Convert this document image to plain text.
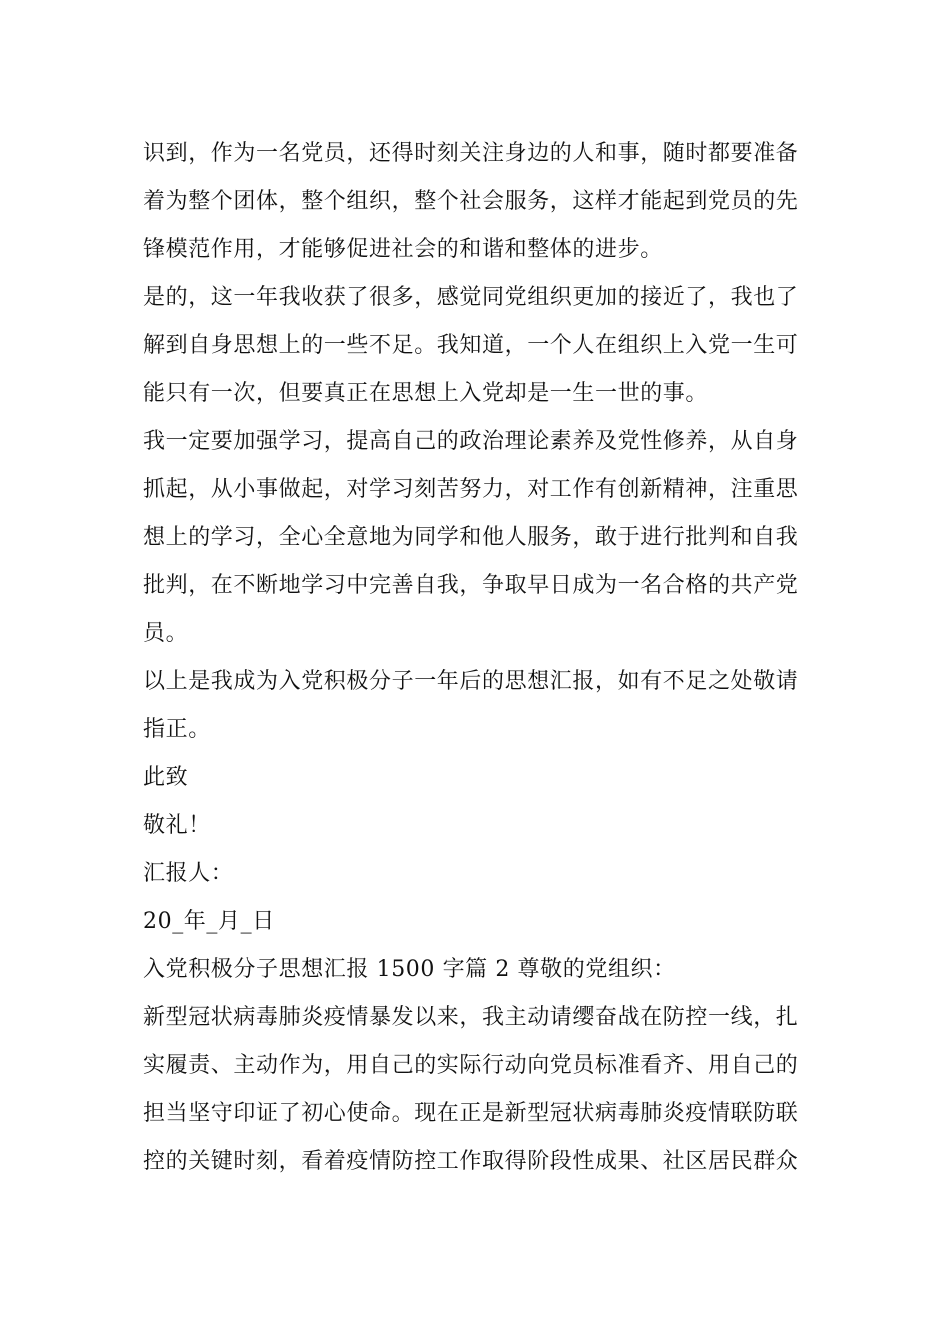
识到，作为一名党员，还得时刻关注身边的人和事，随时都要准备
着为整个团体，整个组织，整个社会服务，这样才能起到党员的先
锋模范作用，才能够促进社会的和谐和整体的进步。
是的，这一年我收获了很多，感觉同党组织更加的接近了，我也了
解到自身思想上的一些不足。我知道，一个人在组织上入党一生可
能只有一次，但要真正在思想上入党却是一生一世的事。
我一定要加强学习，提高自己的政治理论素养及党性修养，从自身
抓起，从小事做起，对学习刻苦努力，对工作有创新精神，注重思
想上的学习，全心全意地为同学和他人服务，敢于进行批判和自我
批判，在不断地学习中完善自我，争取早日成为一名合格的共产党
员。
以上是我成为入党积极分子一年后的思想汇报，如有不足之处敬请
指正。
此致
敬礼！
汇报人：
20_年_月_日
入党积极分子思想汇报 1500 字篇 2 尊敬的党组织：
新型冠状病毒肺炎疫情暴发以来，我主动请缨奋战在防控一线，扎
实履责、主动作为，用自己的实际行动向党员标准看齐、用自己的
担当坚守印证了初心使命。现在正是新型冠状病毒肺炎疫情联防联
控的关键时刻，看着疫情防控工作取得阶段性成果、社区居民群众
